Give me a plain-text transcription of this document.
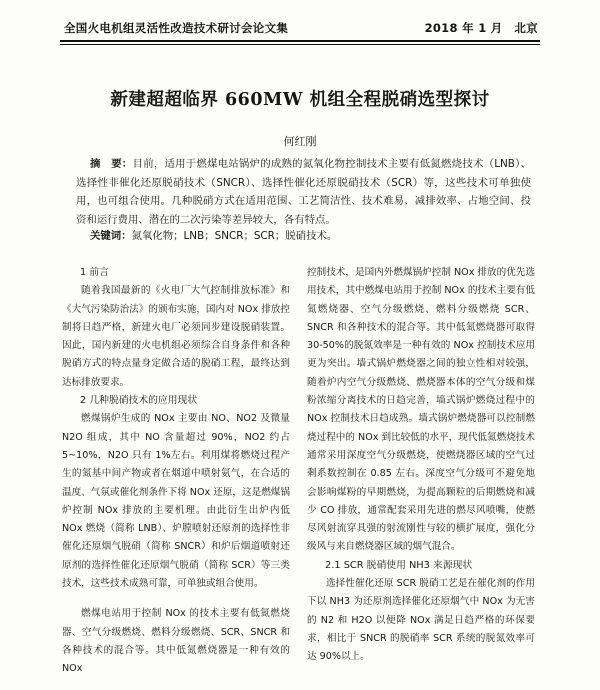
全国火电机组灵活性改造技术研讨会论文集	2018 年 1 月　北京
新建超超临界 660MW 机组全程脱硝选型探讨
何红刚
摘　要：目前，适用于燃煤电站锅炉的成熟的氮氧化物控制技术主要有低氮燃烧技术（LNB）、选择性非催化还原脱硝技术（SNCR）、选择性催化还原脱硝技术（SCR）等，这些技术可单独使用，也可组合使用。几种脱硝方式在适用范围、工艺简洁性、技术难易、减排效率、占地空间、投资和运行费用、潜在的二次污染等差异较大，各有特点。
关键词：氮氧化物；LNB；SNCR；SCR；脱硝技术。
1 前言

随着我国最新的《火电厂大气控制排放标准》和《大气污染防治法》的颁布实施，国内对 NOx 排放控制将日趋严格，新建火电厂必须同步建设脱硝装置。因此，国内新建的火电机组必须综合自身条件和各种脱硝方式的特点量身定做合适的脱硝工程，最终达到达标排放要求。

2 几种脱硝技术的应用现状

燃煤锅炉生成的 NOx 主要由 NO、NO2 及微量 N2O 组成，其中 NO 含量超过 90%，NO2 约占 5~10%，N2O 只有 1%左右。利用煤将燃烧过程产生的氮基中间产物或者在烟道中喷射氨气，在合适的温度、气氛或催化剂条件下将 NOx 还原，这是燃煤锅炉控制 NOx 排放的主要机理。由此衍生出炉内低 NOx 燃烧（简称 LNB）、炉膛喷射还原剂的选择性非催化还原烟气脱硝（简称 SNCR）和炉后烟道喷射还原剂的选择性催化还原烟气脱硝（简称 SCR）等三类技术，这些技术成熟可靠，可单独或组合使用。

燃煤电站用于控制 NOx 的技术主要有低氮燃烧器、空气分级燃烧、燃料分级燃烧、SCR、SNCR 和各种技术的混合等。其中低氮燃烧器是一种有效的 NOx

控制技术，是国内外燃煤锅炉控制 NOx 排放的优先选用技术，其中燃煤电站用于控制 NOx 的技术主要有低氮燃烧器、空气分级燃烧、燃料分级燃烧 SCR、SNCR 和各种技术的混合等。其中低氮燃烧器可取得 30-50%的脱氮效率是一种有效的 NOx 控制技术应用更为突出。墙式锅炉燃烧器之间的独立性相对较强，随着炉内空气分级燃烧、燃烧器本体的空气分级和煤粉浓缩分离技术的日趋完善，墙式锅炉燃烧过程中的 NOx 控制技术日趋成熟。墙式锅炉燃烧器可以控制燃烧过程中的 NOx 到比较低的水平，现代低氮燃烧技术通常采用深度空气分级燃烧，使燃烧器区域的空气过剩系数控制在 0.85 左右。深度空气分级可不避免地会影响煤粉的早期燃烧，为提高颗粒的后期燃烧和减少 CO 排放，通常配套采用先进的燃尽风喷嘴，使燃尽风射流穿具强的射流刚性与较的横扩展度，强化分级风与来自燃烧器区域的烟气混合。

2.1 SCR 脱硝使用 NH3 来源现状

选择性催化还原 SCR 脱硝工艺是在催化剂的作用下以 NH3 为还原剂选择催化还原烟气中 NOx 为无害的 N2 和 H2O 以便降 NOx 满足日趋严格的环保要求，相比于 SNCR 的脱硝率 SCR 系统的脱氮效率可达 90%以上。
